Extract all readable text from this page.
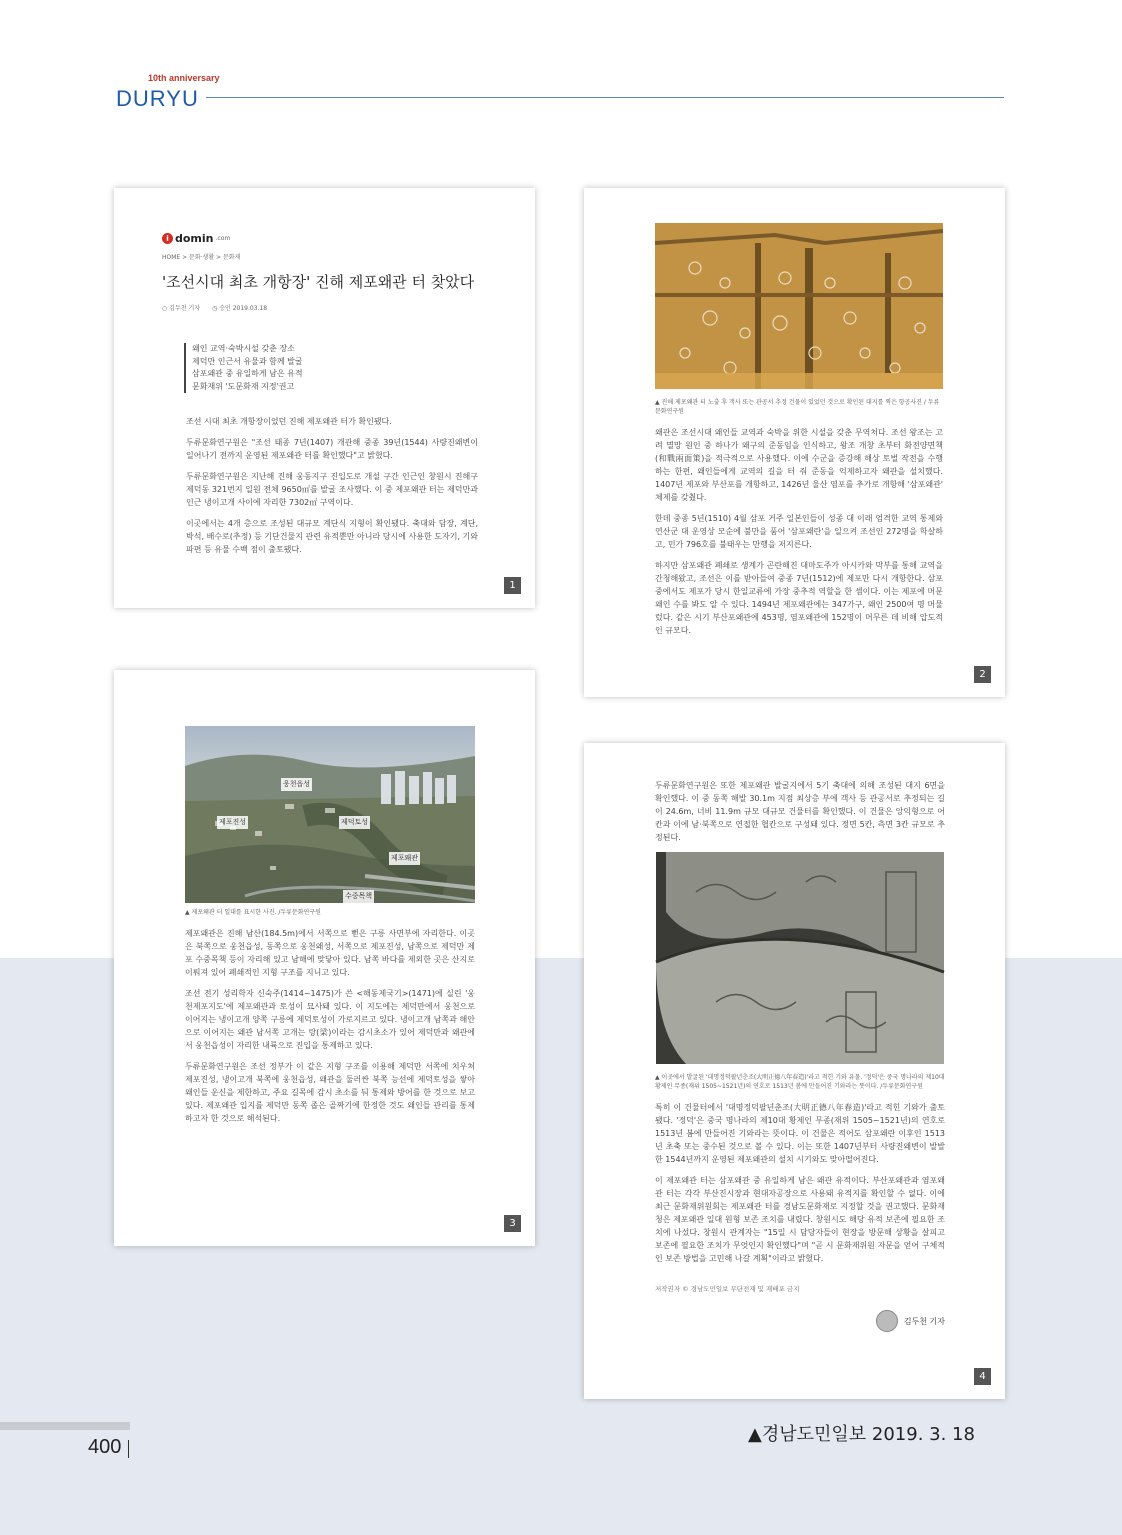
10th anniversary
DURYU
i domin .com
HOME > 문화·생활 > 문화재
'조선시대 최초 개항장' 진해 제포왜관 터 찾았다
○ 김두천 기자 ◷ 승인 2019.03.18
왜인 교역·숙박시설 갖춘 장소
제덕만 인근서 유물과 함께 발굴
삼포왜관 중 유일하게 남은 유적
문화재위 '도문화재 지정'권고

조선 시대 최초 개항장이었던 진해 제포왜관 터가 확인됐다.

두류문화연구원은 "조선 태종 7년(1407) 개관해 중종 39년(1544) 사량진왜변이 일어나기 전까지 운영된 제포왜관 터를 확인했다"고 밝혔다.

두류문화연구원은 지난해 진해 웅동지구 진입도로 개설 구간 인근인 창원시 진해구 제덕동 321번지 일원 전체 9650㎡를 발굴 조사했다. 이 중 제포왜관 터는 제덕만과 인근 냉이고개 사이에 자리한 7302㎡ 구역이다.

이곳에서는 4개 층으로 조성된 대규모 계단식 지형이 확인됐다. 축대와 담장, 계단, 박석, 배수로(추정) 등 기단건물지 관련 유적뿐만 아니라 당시에 사용한 도자기, 기와 파편 등 유물 수백 점이 출토됐다.

1
▲ 진해 제포왜관 터 노출 후 객사 또는 관공서 추정 건물이 있었던 것으로 확인된 대지를 찍은 항공사진 / 두류문화연구원

왜관은 조선시대 왜인들 교역과 숙박을 위한 시설을 갖춘 무역처다. 조선 왕조는 고려 멸망 원인 중 하나가 왜구의 준동임을 인식하고, 왕조 개창 초부터 화전양면책(和戰兩面策)을 적극적으로 사용했다. 이에 수군을 증강해 해상 토벌 작전을 수행하는 한편, 왜인들에게 교역의 길을 터 줘 준동을 억제하고자 왜관을 설치했다. 1407년 제포와 부산포를 개항하고, 1426년 울산 염포를 추가로 개항해 '삼포왜관' 체제를 갖췄다.

한데 중종 5년(1510) 4월 삼포 거주 일본인들이 성종 대 이래 엄격한 교역 통제와 연산군 대 운영상 모순에 불만을 품어 '삼포왜란'을 일으켜 조선인 272명을 학살하고, 민가 796호를 불태우는 만행을 저지른다.

하지만 삼포왜관 폐쇄로 생계가 곤란해진 대마도주가 아시카와 막부를 통해 교역을 간청해왔고, 조선은 이를 받아들여 중종 7년(1512)에 제포만 다시 개항한다. 삼포 중에서도 제포가 당시 한일교류에 가장 중추적 역할을 한 셈이다. 이는 제포에 머문 왜인 수를 봐도 알 수 있다. 1494년 제포왜관에는 347가구, 왜인 2500여 명 머물렀다. 같은 시기 부산포왜관에 453명, 염포왜관에 152명이 머무른 데 비해 압도적인 규모다.

2
웅천읍성
제포진성	제덕토성
제포왜관
수중목책
▲ 제포왜관 터 일대를 표시한 사진. /두류문화연구원

제포왜관은 진해 남산(184.5m)에서 서쪽으로 뻗은 구릉 사면부에 자리한다. 이곳은 북쪽으로 웅천읍성, 동쪽으로 웅천왜성, 서쪽으로 제포진성, 남쪽으로 제덕만 제포 수중목책 등이 자리해 있고 남해에 맞닿아 있다. 남쪽 바다를 제외한 곳은 산지로 이뤄져 있어 폐쇄적인 지형 구조를 지니고 있다.

조선 전기 성리학자 신숙주(1414~1475)가 쓴 <해동제국기>(1471)에 실린 '웅천제포지도'에 제포왜관과 토성이 묘사돼 있다. 이 지도에는 제덕만에서 웅천으로 이어지는 냉이고개 양쪽 구릉에 제덕토성이 가로지르고 있다. 냉이고개 남쪽과 해안으로 이어지는 왜관 남서쪽 고개는 랑(梁)이라는 감시초소가 있어 제덕만과 왜관에서 웅천읍성이 자리한 내륙으로 진입을 통제하고 있다.

두류문화연구원은 조선 정부가 이 같은 지형 구조를 이용해 제덕만 서쪽에 치우쳐 제포진성, 냉이고개 북쪽에 웅천읍성, 왜관을 둘러싼 북쪽 능선에 제덕토성을 쌓아 왜인들 운신을 제한하고, 주요 길목에 감시 초소를 둬 통제와 방어를 한 것으로 보고 있다. 제포왜관 입지를 제덕만 동쪽 좁은 골짜기에 한정한 것도 왜인들 관리를 통제하고자 한 것으로 해석된다.

3

두류문화연구원은 또한 제포왜관 발굴지에서 5기 축대에 의해 조성된 대지 6면을 확인했다. 이 중 동쪽 해발 30.1m 지점 최상층 부에 객사 등 관공서로 추정되는 길이 24.6m, 너비 11.9m 규모 대규모 건물터를 확인했다. 이 건물은 앙익형으로 어칸과 이에 남·북쪽으로 연접한 협칸으로 구성돼 있다. 정면 5칸, 측면 3칸 규모로 추정된다.

▲ 이곳에서 발굴된 '대명정덕팔년춘조(大明正德八年春造)'라고 적힌 기와 유물. '정덕'은 중국 명나라의 제10대 황제인 무종(재위 1505~1521년)의 연호로 1513년 봄에 만들어진 기와라는 뜻이다. /두류문화연구원

특히 이 건물터에서 '대명정덕팔년춘조(大明正德八年春造)'라고 적힌 기와가 출토됐다. '정덕'은 중국 명나라의 제10대 황제인 무종(재위 1505~1521년)의 연호로 1513년 봄에 만들어진 기와라는 뜻이다. 이 건물은 적어도 삼포왜란 이후인 1513년 초축 또는 중수된 것으로 볼 수 있다. 이는 또한 1407년부터 사량진왜변이 발발한 1544년까지 운영된 제포왜관의 설치 시기와도 맞아떨어진다.

이 제포왜관 터는 삼포왜관 중 유일하게 남은 왜관 유적이다. 부산포왜관과 염포왜관 터는 각각 부산진시장과 현대자공장으로 사용돼 유적지를 확인할 수 없다. 이에 최근 문화재위원회는 제포왜관 터를 경남도문화재로 지정할 것을 권고했다. 문화재청은 제포왜관 일대 원형 보존 조치를 내렸다. 창원시도 해당 유적 보존에 필요한 조치에 나섰다. 창원시 관계자는 "15일 시 담당자들이 현장을 방문해 상황을 살피고 보존에 필요한 조치가 무엇인지 확인했다"며 "곧 시 문화재위원 자문을 얻어 구체적인 보존 방법을 고민해 나갈 계획"이라고 밝혔다.

저작권자 © 경남도민일보 무단전재 및 재배포 금지
김두천 기자
4
400
▲경남도민일보 2019. 3. 18
